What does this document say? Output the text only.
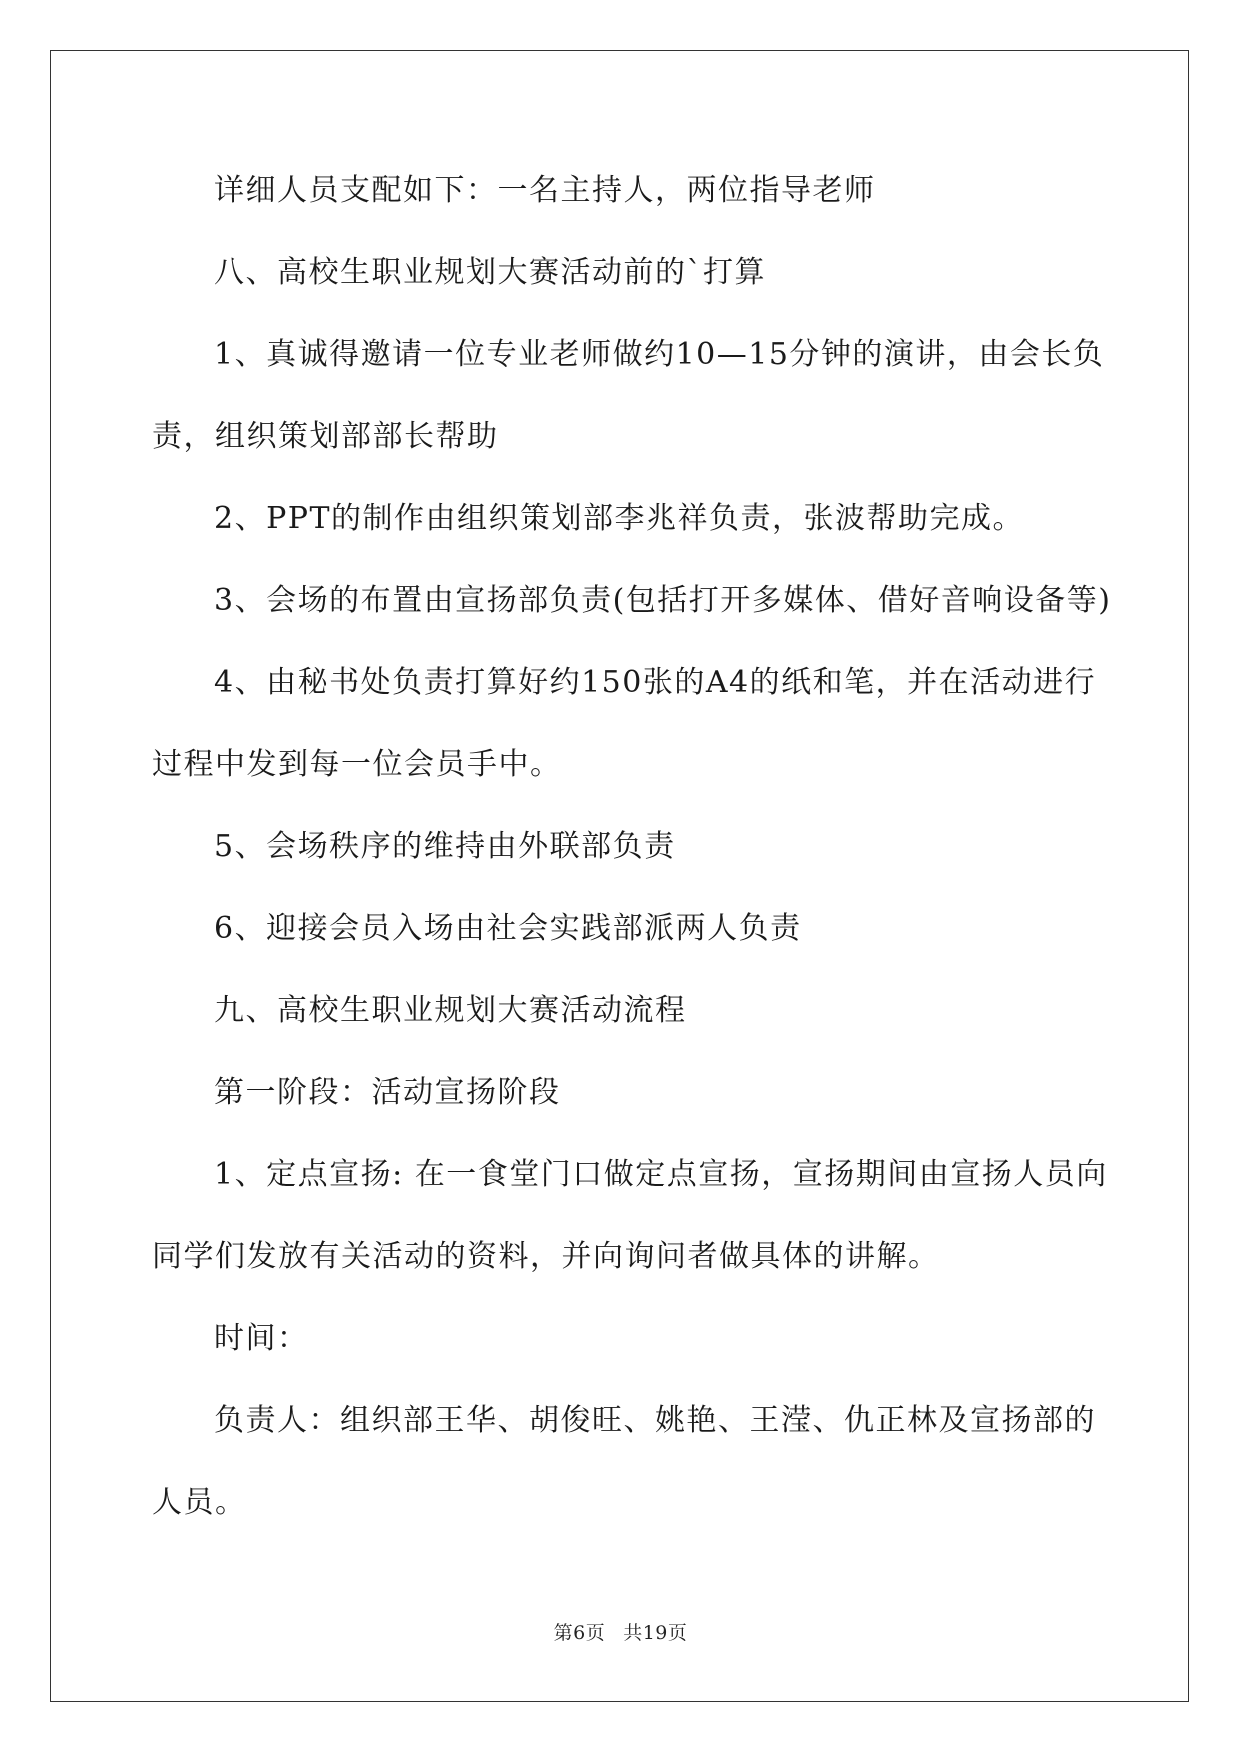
详细人员支配如下：一名主持人，两位指导老师

八、高校生职业规划大赛活动前的`打算

1、真诚得邀请一位专业老师做约10—15分钟的演讲，由会长负

责，组织策划部部长帮助

2、PPT的制作由组织策划部李兆祥负责，张波帮助完成。

3、会场的布置由宣扬部负责(包括打开多媒体、借好音响设备等)

4、由秘书处负责打算好约150张的A4的纸和笔，并在活动进行

过程中发到每一位会员手中。

5、会场秩序的维持由外联部负责

6、迎接会员入场由社会实践部派两人负责

九、高校生职业规划大赛活动流程

第一阶段：活动宣扬阶段

1、定点宣扬: 在一食堂门口做定点宣扬，宣扬期间由宣扬人员向

同学们发放有关活动的资料，并向询问者做具体的讲解。

时间：

负责人：组织部王华、胡俊旺、姚艳、王滢、仇正林及宣扬部的

人员。

第6页 共19页
